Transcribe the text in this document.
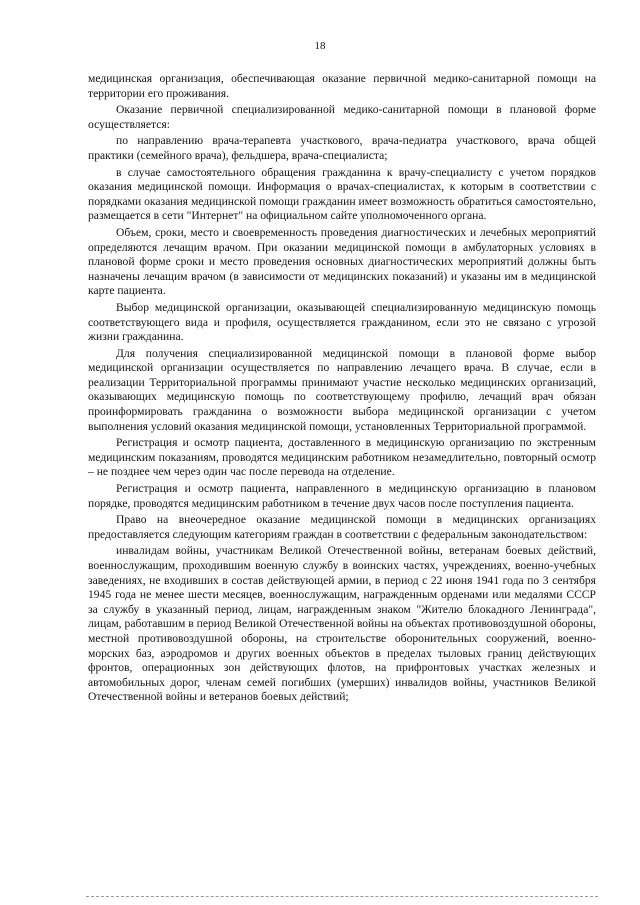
18

медицинская организация, обеспечивающая оказание первичной медико-санитарной помощи на территории его проживания.

Оказание первичной специализированной медико-санитарной помощи в плановой форме осуществляется:

по направлению врача-терапевта участкового, врача-педиатра участкового, врача общей практики (семейного врача), фельдшера, врача-специалиста;

в случае самостоятельного обращения гражданина к врачу-специалисту с учетом порядков оказания медицинской помощи. Информация о врачах-специалистах, к которым в соответствии с порядками оказания медицинской помощи гражданин имеет возможность обратиться самостоятельно, размещается в сети "Интернет" на официальном сайте уполномоченного органа.

Объем, сроки, место и своевременность проведения диагностических и лечебных мероприятий определяются лечащим врачом. При оказании медицинской помощи в амбулаторных условиях в плановой форме сроки и место проведения основных диагностических мероприятий должны быть назначены лечащим врачом (в зависимости от медицинских показаний) и указаны им в медицинской карте пациента.

Выбор медицинской организации, оказывающей специализированную медицинскую помощь соответствующего вида и профиля, осуществляется гражданином, если это не связано с угрозой жизни гражданина.

Для получения специализированной медицинской помощи в плановой форме выбор медицинской организации осуществляется по направлению лечащего врача. В случае, если в реализации Территориальной программы принимают участие несколько медицинских организаций, оказывающих медицинскую помощь по соответствующему профилю, лечащий врач обязан проинформировать гражданина о возможности выбора медицинской организации с учетом выполнения условий оказания медицинской помощи, установленных Территориальной программой.

Регистрация и осмотр пациента, доставленного в медицинскую организацию по экстренным медицинским показаниям, проводятся медицинским работником незамедлительно, повторный осмотр – не позднее чем через один час после перевода на отделение.

Регистрация и осмотр пациента, направленного в медицинскую организацию в плановом порядке, проводятся медицинским работником в течение двух часов после поступления пациента.

Право на внеочередное оказание медицинской помощи в медицинских организациях предоставляется следующим категориям граждан в соответствии с федеральным законодательством:

инвалидам войны, участникам Великой Отечественной войны, ветеранам боевых действий, военнослужащим, проходившим военную службу в воинских частях, учреждениях, военно-учебных заведениях, не входивших в состав действующей армии, в период с 22 июня 1941 года по 3 сентября 1945 года не менее шести месяцев, военнослужащим, награжденным орденами или медалями СССР за службу в указанный период, лицам, награжденным знаком "Жителю блокадного Ленинграда", лицам, работавшим в период Великой Отечественной войны на объектах противовоздушной обороны, местной противовоздушной обороны, на строительстве оборонительных сооружений, военно-морских баз, аэродромов и других военных объектов в пределах тыловых границ действующих фронтов, операционных зон действующих флотов, на прифронтовых участках железных и автомобильных дорог, членам семей погибших (умерших) инвалидов войны, участников Великой Отечественной войны и ветеранов боевых действий;
